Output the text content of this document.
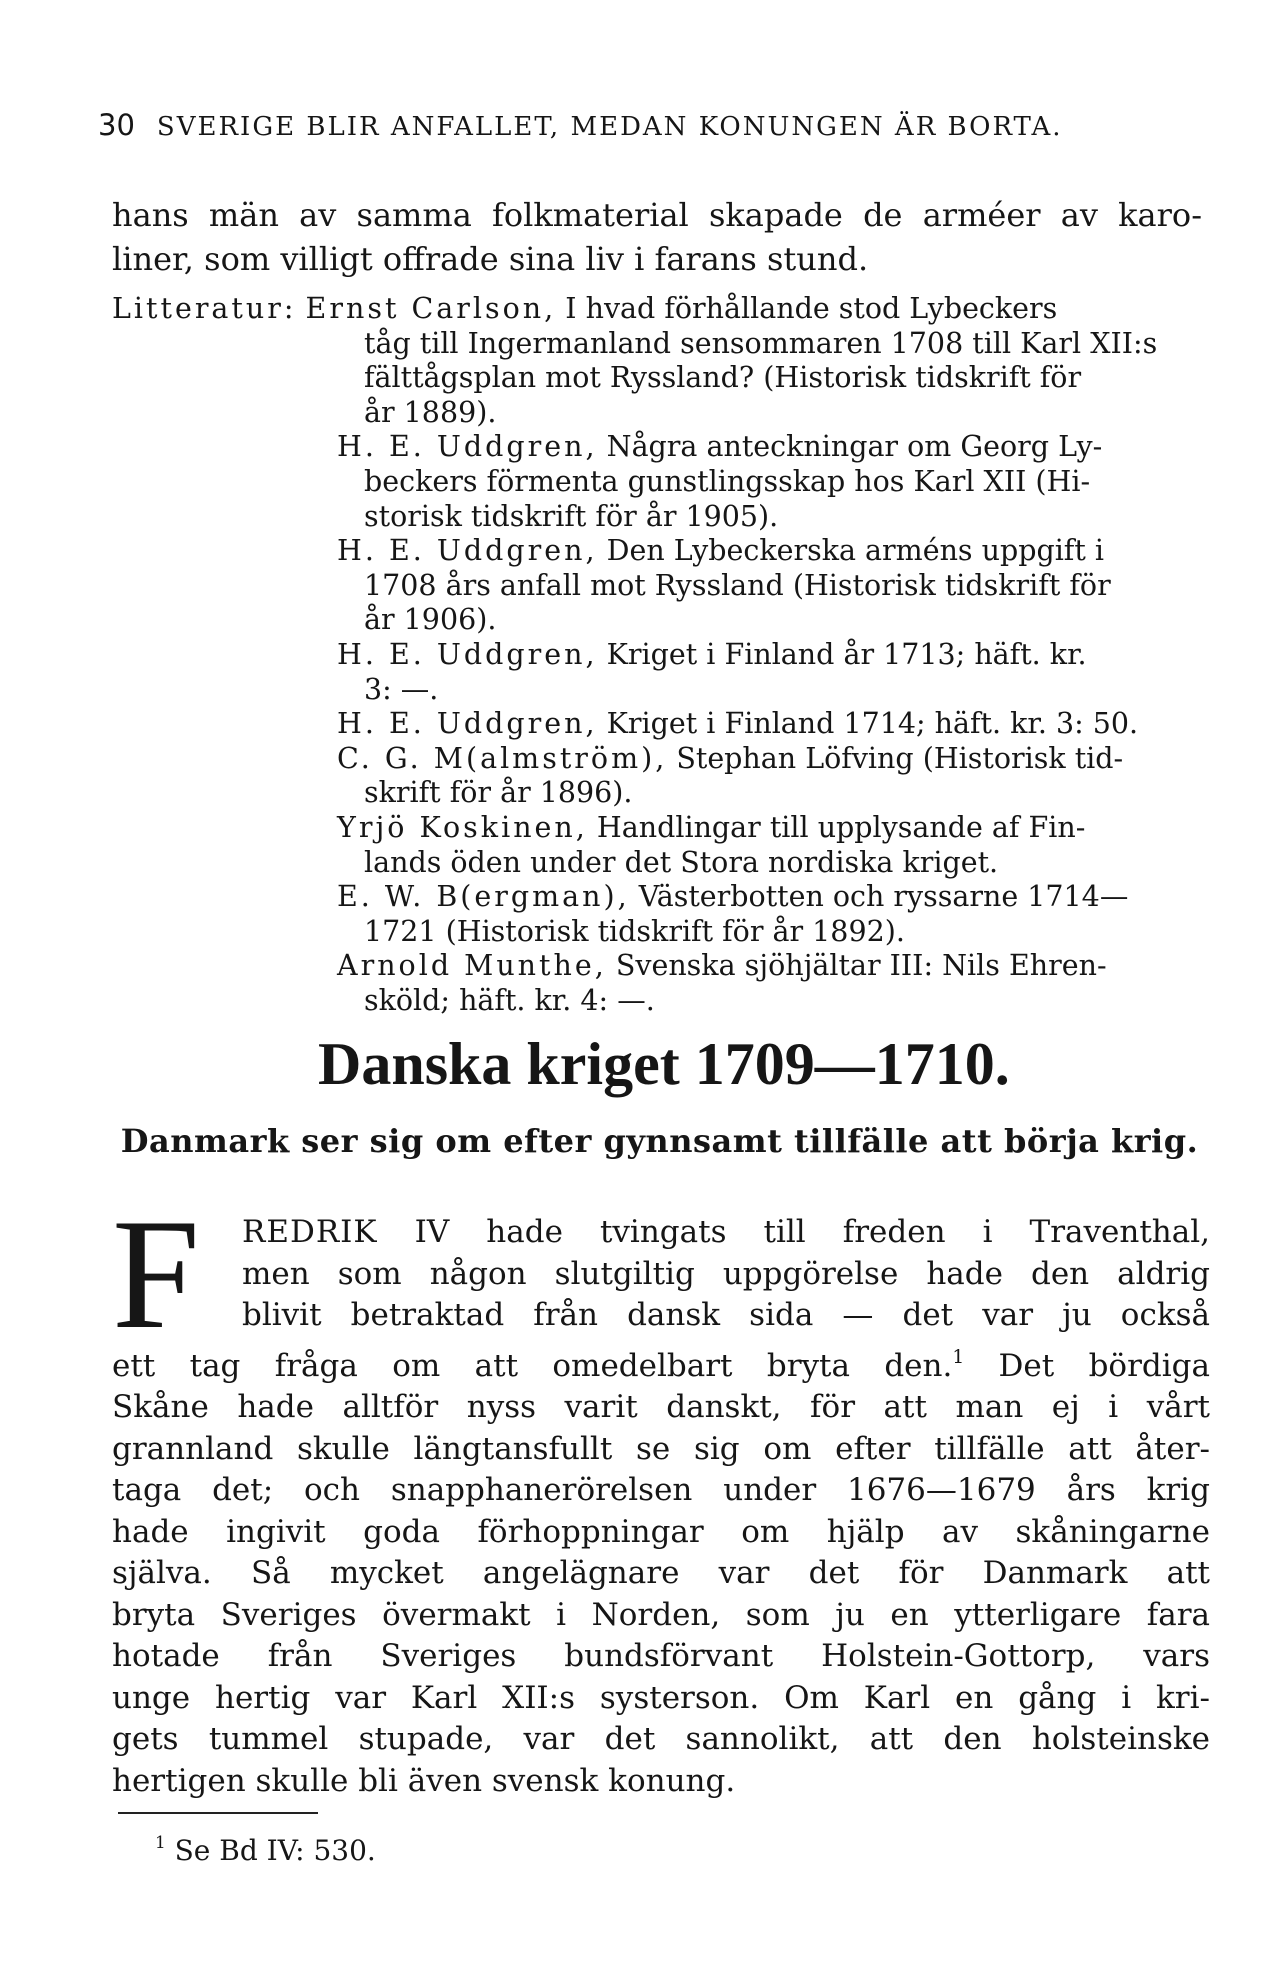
30 SVERIGE BLIR ANFALLET, MEDAN KONUNGEN ÄR BORTA.
hans män av samma folkmaterial skapade de arméer av karo-
liner, som villigt offrade sina liv i farans stund.
Litteratur: Ernst Carlson, I hvad förhållande stod Lybeckers
tåg till Ingermanland sensommaren 1708 till Karl XII:s
fälttågsplan mot Ryssland? (Historisk tidskrift för
år 1889).
H. E. Uddgren, Några anteckningar om Georg Ly-
beckers förmenta gunstlingsskap hos Karl XII (Hi-
storisk tidskrift för år 1905).
H. E. Uddgren, Den Lybeckerska arméns uppgift i
1708 års anfall mot Ryssland (Historisk tidskrift för
år 1906).
H. E. Uddgren, Kriget i Finland år 1713; häft. kr.
3: —.
H. E. Uddgren, Kriget i Finland 1714; häft. kr. 3: 50.
C. G. M(almström), Stephan Löfving (Historisk tid-
skrift för år 1896).
Yrjö Koskinen, Handlingar till upplysande af Fin-
lands öden under det Stora nordiska kriget.
E. W. B(ergman), Västerbotten och ryssarne 1714—
1721 (Historisk tidskrift för år 1892).
Arnold Munthe, Svenska sjöhjältar III: Nils Ehren-
sköld; häft. kr. 4: —.
Danska kriget 1709—1710.
Danmark ser sig om efter gynnsamt tillfälle att börja krig.
F	REDRIK IV hade tvingats till freden i Traventhal,
men som någon slutgiltig uppgörelse hade den aldrig
blivit betraktad från dansk sida — det var ju också
ett tag fråga om att omedelbart bryta den.$^1$ Det bördiga
Skåne hade alltför nyss varit danskt, för att man ej i vårt
grannland skulle längtansfullt se sig om efter tillfälle att åter-
taga det; och snapphanerörelsen under 1676—1679 års krig
hade ingivit goda förhoppningar om hjälp av skåningarne
själva. Så mycket angelägnare var det för Danmark att
bryta Sveriges övermakt i Norden, som ju en ytterligare fara
hotade från Sveriges bundsförvant Holstein-Gottorp, vars
unge hertig var Karl XII:s systerson. Om Karl en gång i kri-
gets tummel stupade, var det sannolikt, att den holsteinske
hertigen skulle bli även svensk konung.
$^1$ Se Bd IV: 530.
